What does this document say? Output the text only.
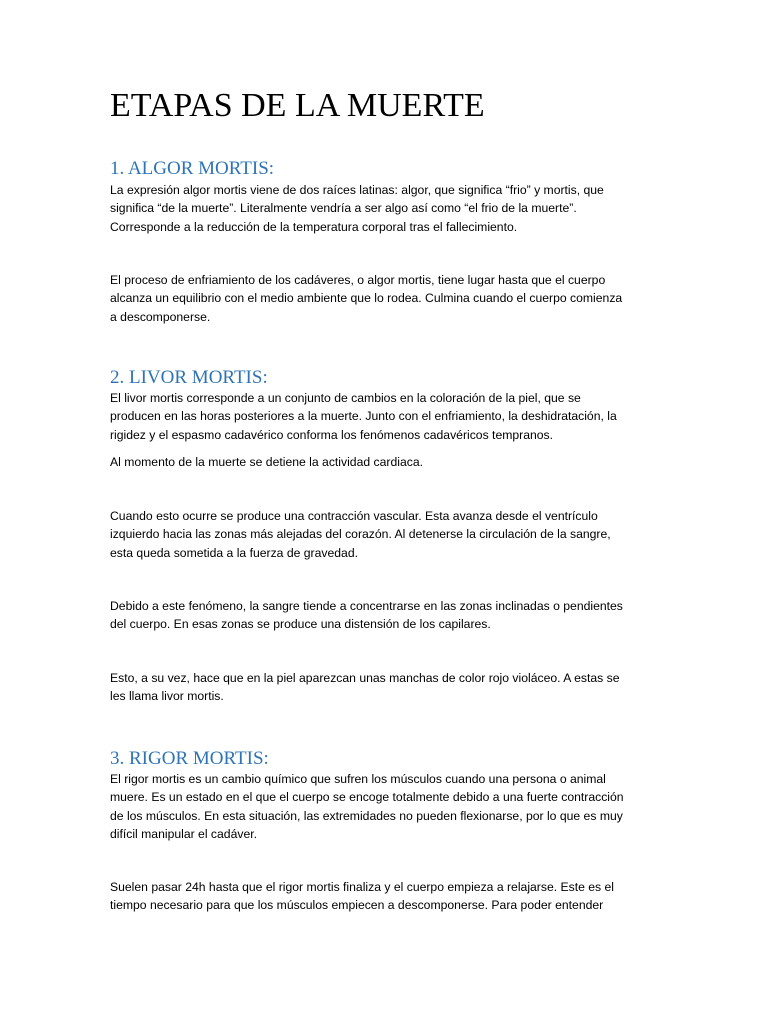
ETAPAS DE LA MUERTE
1. ALGOR MORTIS:

La expresión algor mortis viene de dos raíces latinas: algor, que significa “frio” y mortis, que
significa “de la muerte”. Literalmente vendría a ser algo así como “el frio de la muerte”.
Corresponde a la reducción de la temperatura corporal tras el fallecimiento.

El proceso de enfriamiento de los cadáveres, o algor mortis, tiene lugar hasta que el cuerpo
alcanza un equilibrio con el medio ambiente que lo rodea. Culmina cuando el cuerpo comienza
a descomponerse.

2. LIVOR MORTIS:

El livor mortis corresponde a un conjunto de cambios en la coloración de la piel, que se
producen en las horas posteriores a la muerte. Junto con el enfriamiento, la deshidratación, la
rigidez y el espasmo cadavérico conforma los fenómenos cadavéricos tempranos.

Al momento de la muerte se detiene la actividad cardiaca.

Cuando esto ocurre se produce una contracción vascular. Esta avanza desde el ventrículo
izquierdo hacia las zonas más alejadas del corazón. Al detenerse la circulación de la sangre,
esta queda sometida a la fuerza de gravedad.

Debido a este fenómeno, la sangre tiende a concentrarse en las zonas inclinadas o pendientes
del cuerpo. En esas zonas se produce una distensión de los capilares.

Esto, a su vez, hace que en la piel aparezcan unas manchas de color rojo violáceo. A estas se
les llama livor mortis.

3. RIGOR MORTIS:

El rigor mortis es un cambio químico que sufren los músculos cuando una persona o animal
muere. Es un estado en el que el cuerpo se encoge totalmente debido a una fuerte contracción
de los músculos. En esta situación, las extremidades no pueden flexionarse, por lo que es muy
difícil manipular el cadáver.

Suelen pasar 24h hasta que el rigor mortis finaliza y el cuerpo empieza a relajarse. Este es el
tiempo necesario para que los músculos empiecen a descomponerse. Para poder entender
